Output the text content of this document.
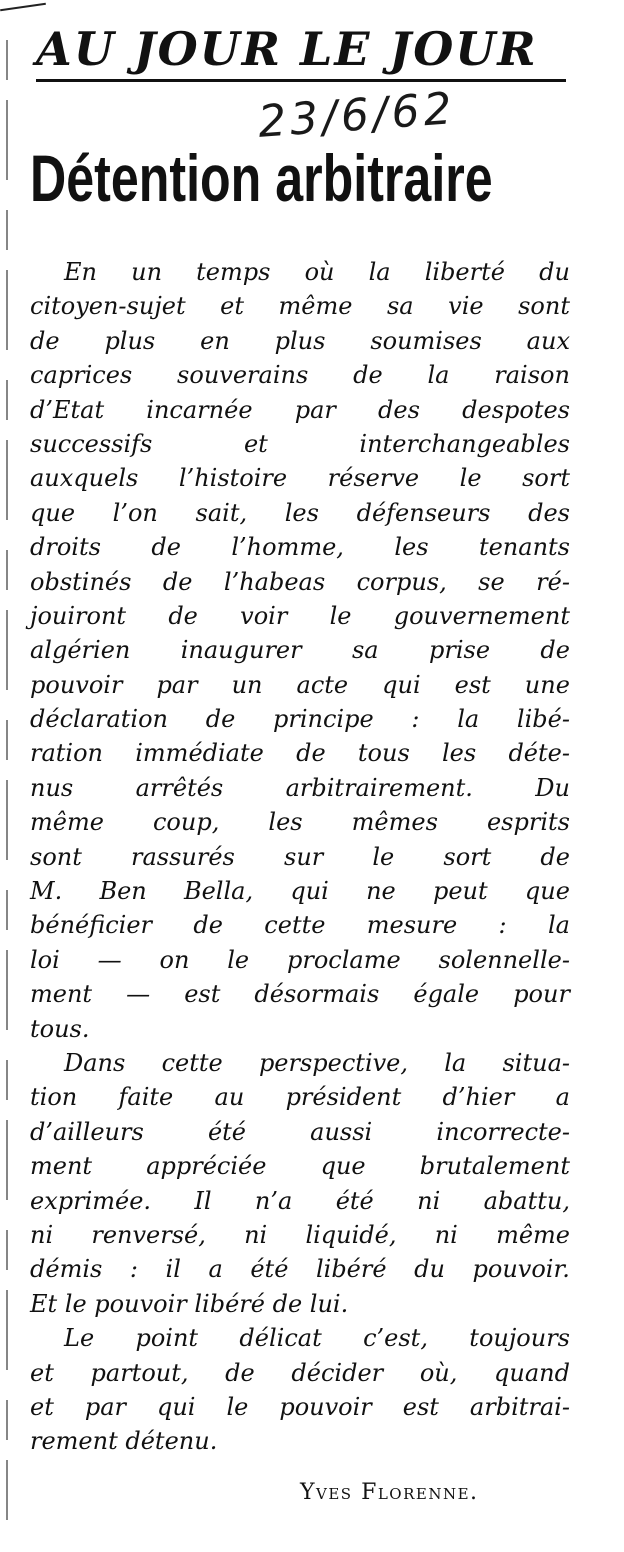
AU JOUR LE JOUR
23/6/62
Détention arbitraire
En un temps où la liberté du
citoyen-sujet et même sa vie sont
de plus en plus soumises aux
caprices souverains de la raison
d’Etat incarnée par des despotes
successifs	et	interchangeables
auxquels l’histoire réserve le sort
que l’on sait, les défenseurs des
droits de l’homme, les tenants
obstinés de l’habeas corpus, se ré-
jouiront de voir le gouvernement
algérien inaugurer sa prise de
pouvoir par un acte qui est une
déclaration de principe : la libé-
ration immédiate de tous les déte-
nus	arrêtés	arbitrairement.	Du
même coup, les mêmes esprits
sont rassurés sur le sort de
M. Ben Bella, qui ne peut que
bénéficier de cette mesure : la
loi — on le proclame solennelle-
ment — est désormais égale pour
tous.
Dans cette perspective, la situa-
tion faite au président d’hier a
d’ailleurs	été	aussi	incorrecte-
ment appréciée que brutalement
exprimée. Il n’a été ni abattu,
ni renversé, ni liquidé, ni même
démis : il a été libéré du pouvoir.
Et le pouvoir libéré de lui.
Le point délicat c’est, toujours
et partout, de décider où, quand
et par qui le pouvoir est arbitrai-
rement détenu.
Yves Florenne.
